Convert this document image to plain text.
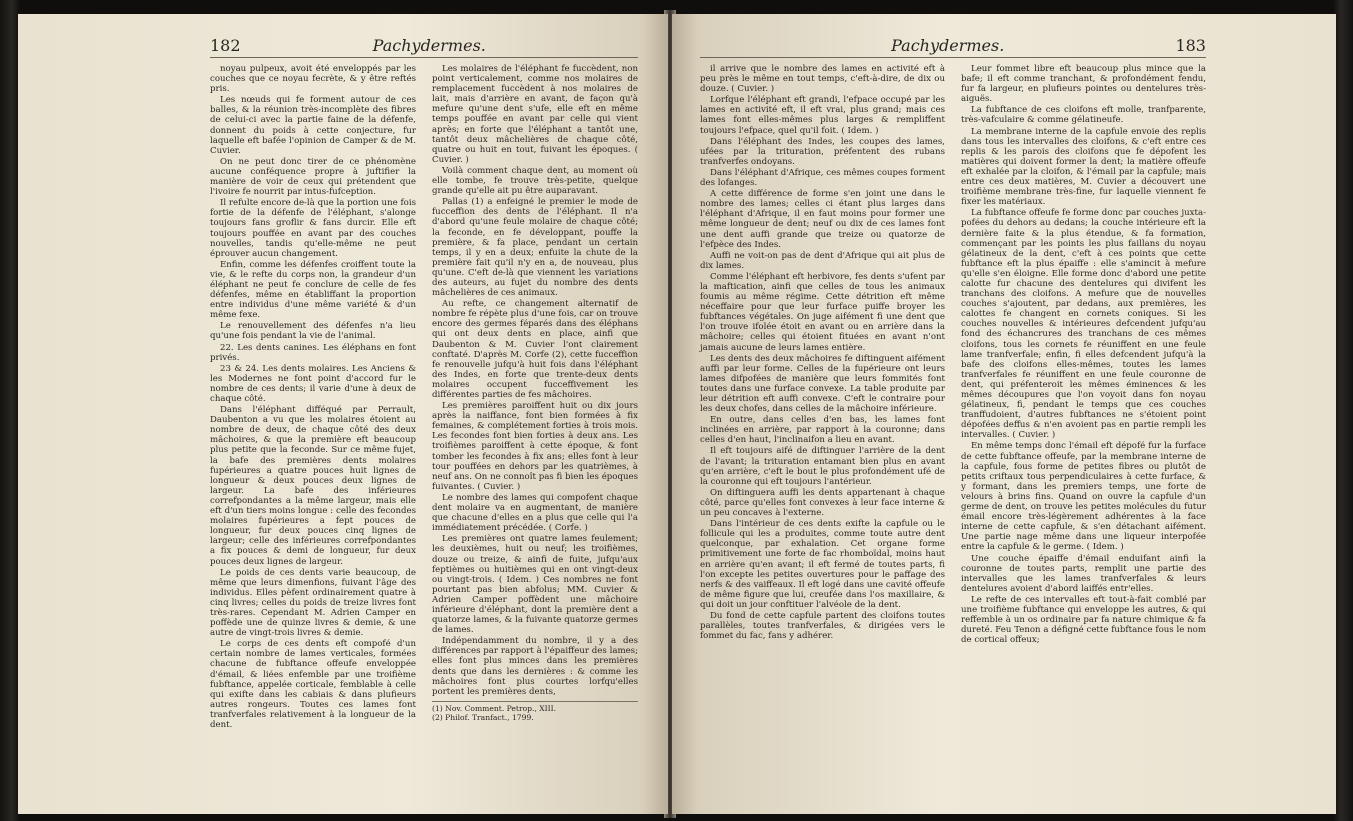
182	Pachydermes.

noyau pulpeux, avoit été enveloppés par les couches que ce noyau fecrète, & y être reftés pris.

Les nœuds qui fe forment autour de ces balles, & la réunion très-incomplète des fibres de celui-ci avec la partie faine de la défenfe, donnent du poids à cette conjecture, fur laquelle eft bafée l'opinion de Camper & de M. Cuvier.

On ne peut donc tirer de ce phénomène aucune conféquence propre à juftifier la manière de voir de ceux qui prétendent que l'ivoire fe nourrit par intus-fufception.

Il refulte encore de-là que la portion une fois fortie de la défenfe de l'éléphant, s'alonge toujours fans groflir & fans durcir. Elle eft toujours pouffée en avant par des couches nouvelles, tandis qu'elle-même ne peut éprouver aucun changement.

Enfin, comme les défenfes croiffent toute la vie, & le refte du corps non, la grandeur d'un éléphant ne peut fe conclure de celle de fes défenfes, même en établiffant la proportion entre individus d'une même variété & d'un même fexe.

Le renouvellement des défenfes n'a lieu qu'une fois pendant la vie de l'animal.

22. Les dents canines. Les éléphans en font privés.

23 & 24. Les dents molaires. Les Anciens & les Modernes ne font point d'accord fur le nombre de ces dents; il varie d'une à deux de chaque côté.

Dans l'éléphant difféqué par Perrault, Daubenton a vu que les molaires étoient au nombre de deux, de chaque côté des deux mâchoires, & que la première eft beaucoup plus petite que la feconde. Sur ce même fujet, la bafe des premières dents molaires fupérieures a quatre pouces huit lignes de longueur & deux pouces deux lignes de largeur. La bafe des inférieures correfpondantes a la même largeur, mais elle eft d'un tiers moins longue : celle des fecondes molaires fupérieures a fept pouces de longueur, fur deux pouces cinq lignes de largeur; celle des inférieures correfpondantes a fix pouces & demi de longueur, fur deux pouces deux lignes de largeur.

Le poids de ces dents varie beaucoup, de même que leurs dimenfions, fuivant l'âge des individus. Elles pèfent ordinairement quatre à cinq livres; celles du poids de treize livres font très-rares. Cependant M. Adrien Camper en poffède une de quinze livres & demie, & une autre de vingt-trois livres & demie.

Le corps de ces dents eft compofé d'un certain nombre de lames verticales, formées chacune de fubftance offeufe enveloppée d'émail, & liées enfemble par une troifième fubftance, appelée corticale, femblable à celle qui exifte dans les cabiais & dans plufieurs autres rongeurs. Toutes ces lames font tranfverfales relativement à la longueur de la dent.

Les molaires de l'éléphant fe fuccèdent, non point verticalement, comme nos molaires de remplacement fuccèdent à nos molaires de lait, mais d'arrière en avant, de façon qu'à mefure qu'une dent s'ufe, elle eft en même temps pouffée en avant par celle qui vient après; en forte que l'éléphant a tantôt une, tantôt deux mâchelières de chaque côté, quatre ou huit en tout, fuivant les époques. ( Cuvier. )

Voilà comment chaque dent, au moment où elle tombe, fe trouve très-petite, quelque grande qu'elle ait pu être auparavant.

Pallas (1) a enfeigné le premier le mode de fucceffion des dents de l'éléphant. Il n'a d'abord qu'une feule molaire de chaque côté; la feconde, en fe développant, pouffe la première, & fa place, pendant un certain temps, il y en a deux; enfuite la chute de la première fait qu'il n'y en a, de nouveau, plus qu'une. C'eft de-là que viennent les variations des auteurs, au fujet du nombre des dents mâchelières de ces animaux.

Au refte, ce changement alternatif de nombre fe répète plus d'une fois, car on trouve encore des germes féparés dans des éléphans qui ont deux dents en place, ainfi que Daubenton & M. Cuvier l'ont clairement conftaté. D'après M. Corfe (2), cette fucceffion fe renouvelle jufqu'à huit fois dans l'éléphant des Indes, en forte que trente-deux dents molaires occupent fucceffivement les différentes parties de fes mâchoires.

Les premières paroiffent huit ou dix jours après la naiffance, font bien formées à fix femaines, & complétement forties à trois mois. Les fecondes font bien forties à deux ans. Les troifièmes paroiffent à cette époque, & font tomber les fecondes à fix ans; elles font à leur tour pouffées en dehors par les quatrièmes, à neuf ans. On ne connoît pas fi bien les époques fuivantes. ( Cuvier. )

Le nombre des lames qui compofent chaque dent molaire va en augmentant, de manière que chacune d'elles en a plus que celle qui l'a immédiatement précédée. ( Corfe. )

Les premières ont quatre lames feulement; les deuxièmes, huit ou neuf; les troifièmes, douze ou treize, & ainfi de fuite, jufqu'aux feptièmes ou huitièmes qui en ont vingt-deux ou vingt-trois. ( Idem. ) Ces nombres ne font pourtant pas bien abfolus; MM. Cuvier & Adrien Camper poffèdent une mâchoire inférieure d'éléphant, dont la première dent a quatorze lames, & la fuivante quatorze germes de lames.

Indépendamment du nombre, il y a des différences par rapport à l'épaiffeur des lames; elles font plus minces dans les premières dents que dans les dernières : & comme les mâchoires font plus courtes lorfqu'elles portent les premières dents,

(1) Nov. Comment. Petrop., XIII.
(2) Philof. Tranfact., 1799.
Pachydermes.	183

il arrive que le nombre des lames en activité eft à peu près le même en tout temps, c'eft-à-dire, de dix ou douze. ( Cuvier. )

Lorfque l'éléphant eft grandi, l'efpace occupé par les lames en activité eft, il eft vrai, plus grand; mais ces lames font elles-mêmes plus larges & rempliffent toujours l'efpace, quel qu'il foit. ( Idem. )

Dans l'éléphant des Indes, les coupes des lames, ufées par la trituration, préfentent des rubans tranfverfes ondoyans.

Dans l'éléphant d'Afrique, ces mêmes coupes forment des lofanges.

A cette différence de forme s'en joint une dans le nombre des lames; celles ci étant plus larges dans l'éléphant d'Afrique, il en faut moins pour former une même longueur de dent; neuf ou dix de ces lames font une dent auffi grande que treize ou quatorze de l'efpèce des Indes.

Auffi ne voit-on pas de dent d'Afrique qui ait plus de dix lames.

Comme l'éléphant eft herbivore, fes dents s'ufent par la maftication, ainfi que celles de tous les animaux foumis au même régime. Cette détrition eft même néceffaire pour que leur furface puiffe broyer les fubftances végétales. On juge aifément fi une dent que l'on trouve ifolée étoit en avant ou en arrière dans la mâchoire; celles qui étoient fituées en avant n'ont jamais aucune de leurs lames entière.

Les dents des deux mâchoires fe diftinguent aifément auffi par leur forme. Celles de la fupérieure ont leurs lames difpofées de manière que leurs fommités font toutes dans une furface convexe. La table produite par leur détrition eft auffi convexe. C'eft le contraire pour les deux chofes, dans celles de la mâchoire inférieure.

En outre, dans celles d'en bas, les lames font inclinées en arrière, par rapport à la couronne; dans celles d'en haut, l'inclinaifon a lieu en avant.

Il eft toujours aifé de diftinguer l'arrière de la dent de l'avant; la trituration entamant bien plus en avant qu'en arrière, c'eft le bout le plus profondément ufé de la couronne qui eft toujours l'antérieur.

On diftinguera auffi les dents appartenant à chaque côté, parce qu'elles font convexes à leur face interne & un peu concaves à l'externe.

Dans l'intérieur de ces dents exifte la capfule ou le follicule qui les a produites, comme toute autre dent quelconque, par exhalation. Cet organe forme primitivement une forte de fac rhomboïdal, moins haut en arrière qu'en avant; il eft fermé de toutes parts, fi l'on excepte les petites ouvertures pour le paffage des nerfs & des vaiffeaux. Il eft logé dans une cavité offeufe de même figure que lui, creufée dans l'os maxillaire, & qui doit un jour conftituer l'alvéole de la dent.

Du fond de cette capfule partent des cloifons toutes parallèles, toutes tranfverfales, & dirigées vers le fommet du fac, fans y adhérer.

Leur fommet libre eft beaucoup plus mince que la bafe; il eft comme tranchant, & profondément fendu, fur fa largeur, en plufieurs pointes ou dentelures très-aiguës.

La fubftance de ces cloifons eft molle, tranfparente, très-vafculaire & comme gélatineufe.

La membrane interne de la capfule envoie des replis dans tous les intervalles des cloifons, & c'eft entre ces replis & les parois des cloifons que fe dépofent les matières qui doivent former la dent; la matière offeufe eft exhalée par la cloifon, & l'émail par la capfule; mais entre ces deux matières, M. Cuvier a découvert une troifième membrane très-fine, fur laquelle viennent fe fixer les matériaux.

La fubftance offeufe fe forme donc par couches juxta-pofées du dehors au dedans; la couche intérieure eft la dernière faite & la plus étendue, & fa formation, commençant par les points les plus faillans du noyau gélatineux de la dent, c'eft à ces points que cette fubftance eft la plus épaiffe : elle s'amincit à mefure qu'elle s'en éloigne. Elle forme donc d'abord une petite calotte fur chacune des dentelures qui divifent les tranchans des cloifons. A mefure que de nouvelles couches s'ajoutent, par dedans, aux premières, les calottes fe changent en cornets coniques. Si les couches nouvelles & intérieures defcendent jufqu'au fond des échancrures des tranchans de ces mêmes cloifons, tous les cornets fe réuniffent en une feule lame tranfverfale; enfin, fi elles defcendent jufqu'à la bafe des cloifons elles-mêmes, toutes les lames tranfverfales fe réuniffent en une feule couronne de dent, qui préfenteroit les mêmes éminences & les mêmes découpures que l'on voyoit dans fon noyau gélatineux, fi, pendant le temps que ces couches tranffudoient, d'autres fubftances ne s'étoient point dépofées deffus & n'en avoient pas en partie rempli les intervalles. ( Cuvier. )

En même temps donc l'émail eft dépofé fur la furface de cette fubftance offeufe, par la membrane interne de la capfule, fous forme de petites fibres ou plutôt de petits criftaux tous perpendiculaires à cette furface, & y formant, dans les premiers temps, une forte de velours à brins fins. Quand on ouvre la capfule d'un germe de dent, on trouve les petites molécules du futur émail encore très-légèrement adhérentes à la face interne de cette capfule, & s'en détachant aifément. Une partie nage même dans une liqueur interpofée entre la capfule & le germe. ( Idem. )

Une couche épaiffe d'émail enduifant ainfi la couronne de toutes parts, remplit une partie des intervalles que les lames tranfverfales & leurs dentelures avoient d'abord laiffés entr'elles.

Le refte de ces intervalles eft tout-à-fait comblé par une troifième fubftance qui enveloppe les autres, & qui reffemble à un os ordinaire par fa nature chimique & fa dureté. Feu Tenon a défigné cette fubftance fous le nom de cortical offeux;
